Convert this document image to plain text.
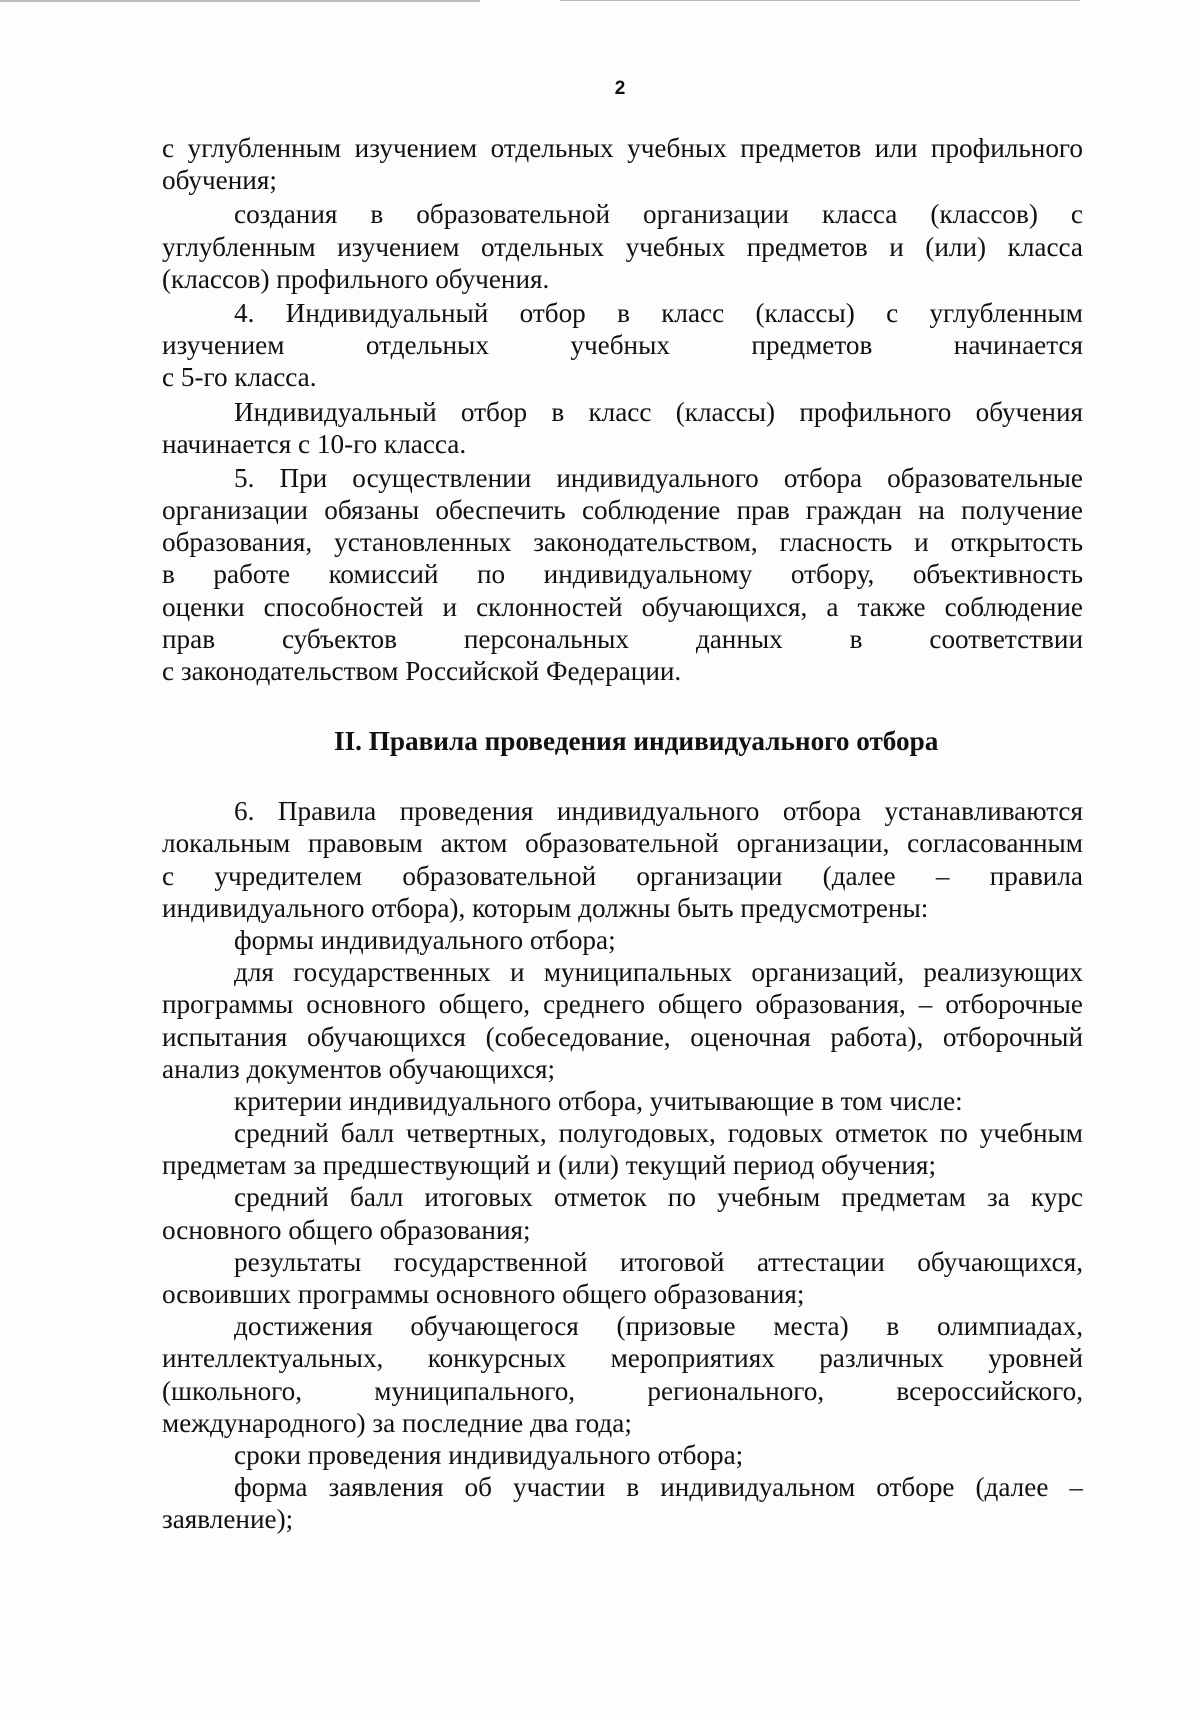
2
с углубленным изучением отдельных учебных предметов или профильного
обучения;
создания в образовательной организации класса (классов) с
углубленным изучением отдельных учебных предметов и (или) класса
(классов) профильного обучения.
4. Индивидуальный отбор в класс (классы) с углубленным
изучением отдельных учебных предметов начинается
с 5-го класса.
Индивидуальный отбор в класс (классы) профильного обучения
начинается с 10-го класса.
5. При осуществлении индивидуального отбора образовательные
организации обязаны обеспечить соблюдение прав граждан на получение
образования, установленных законодательством, гласность и открытость
в работе комиссий по индивидуальному отбору, объективность
оценки способностей и склонностей обучающихся, а также соблюдение
прав субъектов персональных данных в соответствии
с законодательством Российской Федерации.
II. Правила проведения индивидуального отбора
6. Правила проведения индивидуального отбора устанавливаются
локальным правовым актом образовательной организации, согласованным
с учредителем образовательной организации (далее – правила
индивидуального отбора), которым должны быть предусмотрены:
формы индивидуального отбора;
для государственных и муниципальных организаций, реализующих
программы основного общего, среднего общего образования, – отборочные
испытания обучающихся (собеседование, оценочная работа), отборочный
анализ документов обучающихся;
критерии индивидуального отбора, учитывающие в том числе:
средний балл четвертных, полугодовых, годовых отметок по учебным
предметам за предшествующий и (или) текущий период обучения;
средний балл итоговых отметок по учебным предметам за курс
основного общего образования;
результаты государственной итоговой аттестации обучающихся,
освоивших программы основного общего образования;
достижения обучающегося (призовые места) в олимпиадах,
интеллектуальных, конкурсных мероприятиях различных уровней
(школьного, муниципального, регионального, всероссийского,
международного) за последние два года;
сроки проведения индивидуального отбора;
форма заявления об участии в индивидуальном отборе (далее –
заявление);
